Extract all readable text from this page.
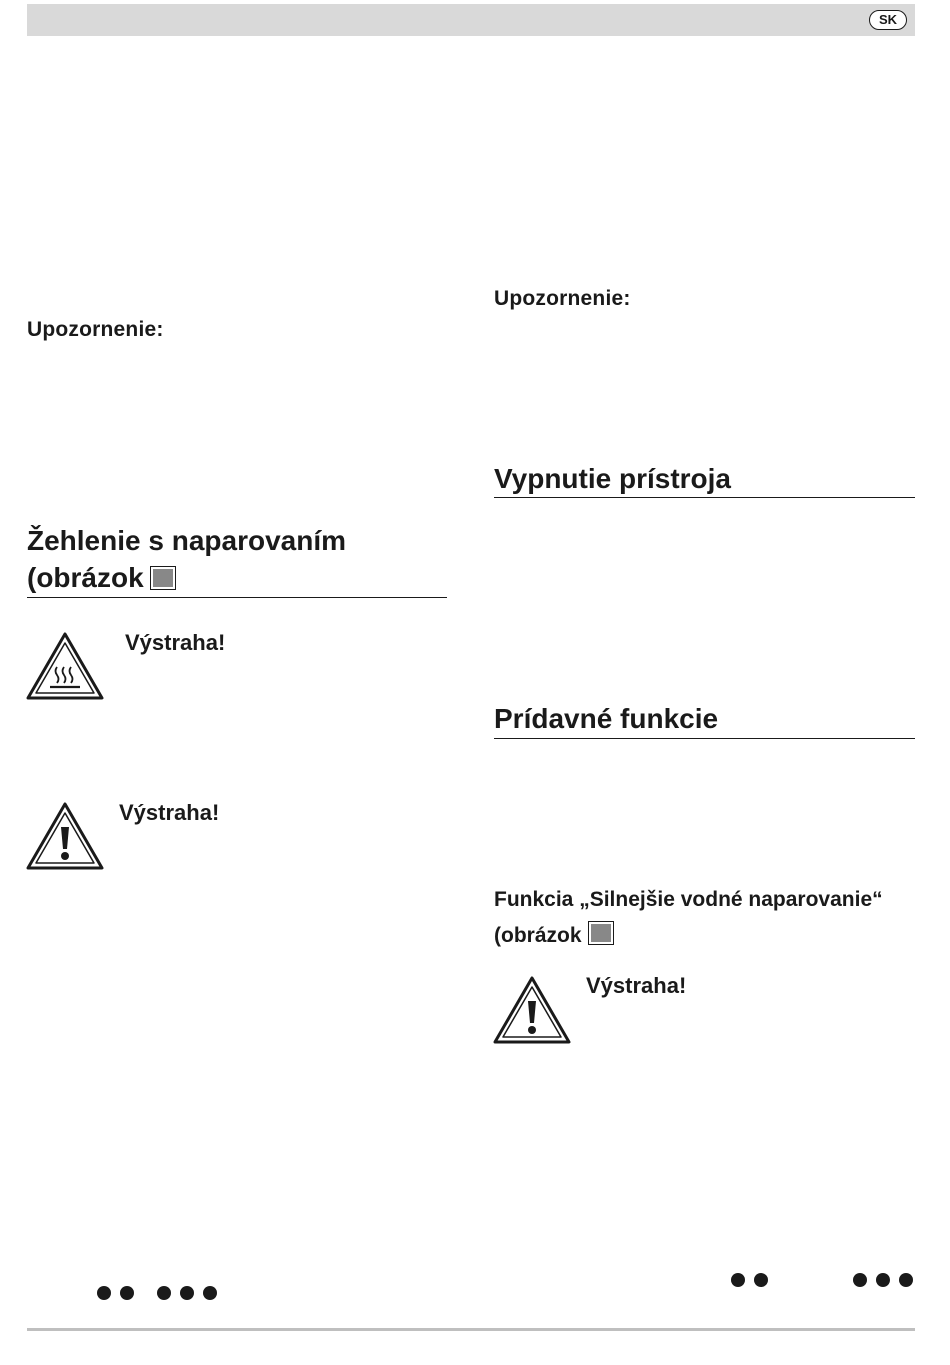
SK
Upozornenie:
Žehlenie s naparovaním
(obrázok
Výstraha!
Výstraha!
Upozornenie:
Vypnutie prístroja
Prídavné funkcie
Funkcia „Silnejšie vodné naparovanie“
(obrázok
Výstraha!
